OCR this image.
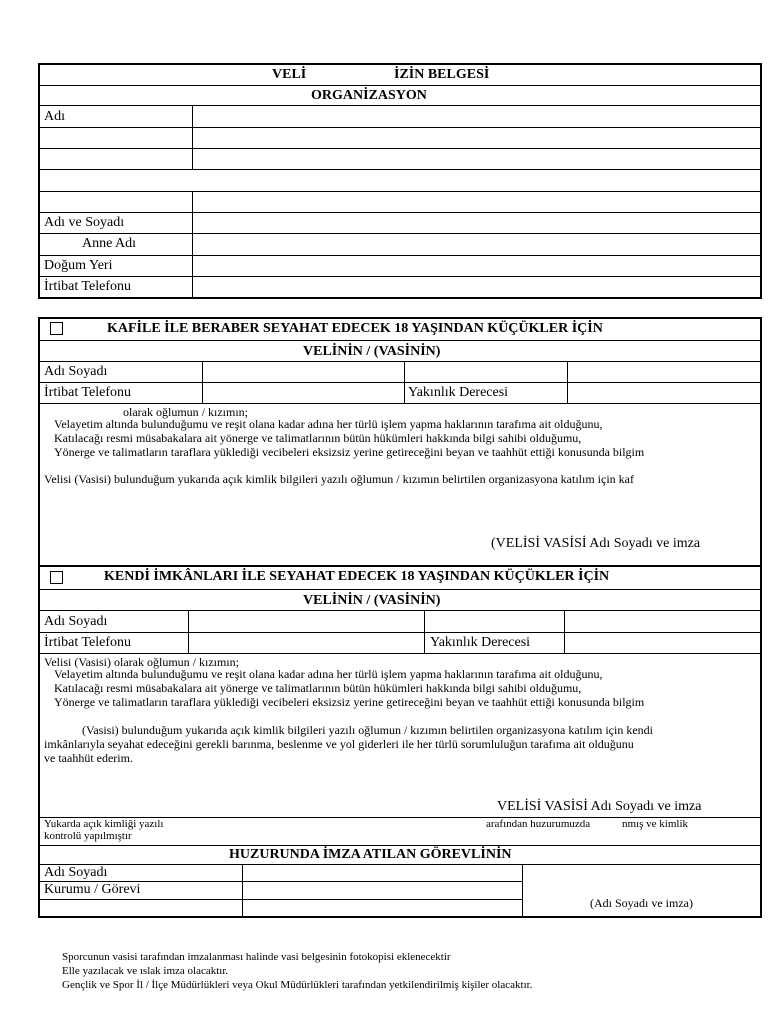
VELİ	İZİN BELGESİ
ORGANİZASYON
Adı
Adı ve Soyadı
Anne Adı
Doğum Yeri
İrtibat Telefonu
KAFİLE İLE BERABER SEYAHAT EDECEK 18 YAŞINDAN KÜÇÜKLER İÇİN
VELİNİN / (VASİNİN)
Adı Soyadı
İrtibat Telefonu	Yakınlık Derecesi
olarak oğlumun / kızımın;
Velayetim altında bulunduğumu ve reşit olana kadar adına her türlü işlem yapma haklarının tarafıma ait olduğunu,
Katılacağı resmi müsabakalara ait yönerge ve talimatlarının bütün hükümleri hakkında bilgi sahibi olduğumu,
Yönerge ve talimatların taraflara yüklediği vecibeleri eksizsiz yerine getireceğini beyan ve taahhüt ettiği konusunda bilgim
Velisi (Vasisi) bulunduğum yukarıda açık kimlik bilgileri yazılı oğlumun / kızımın belirtilen organizasyona katılım için kaf
(VELİSİ VASİSİ Adı Soyadı ve imza
KENDİ İMKÂNLARI İLE SEYAHAT EDECEK 18 YAŞINDAN KÜÇÜKLER İÇİN
VELİNİN / (VASİNİN)
Adı Soyadı
İrtibat Telefonu	Yakınlık Derecesi
Velisi (Vasisi) olarak oğlumun / kızımın;
Velayetim altında bulunduğumu ve reşit olana kadar adına her türlü işlem yapma haklarının tarafıma ait olduğunu,
Katılacağı resmi müsabakalara ait yönerge ve talimatlarının bütün hükümleri hakkında bilgi sahibi olduğumu,
Yönerge ve talimatların taraflara yüklediği vecibeleri eksizsiz yerine getireceğini beyan ve taahhüt ettiği konusunda bilgim
(Vasisi) bulunduğum yukarıda açık kimlik bilgileri yazılı oğlumun / kızımın belirtilen organizasyona katılım için kendi
imkânlarıyla seyahat edeceğini gerekli barınma, beslenme ve yol giderleri ile her türlü sorumluluğun tarafıma ait olduğunu
ve taahhüt ederim.
VELİSİ VASİSİ Adı Soyadı ve imza
Yukarda açık kimliği yazılı
kontrolü yapılmıştır
arafından huzurumuzda	nmış ve kimlik
HUZURUNDA İMZA ATILAN GÖREVLİNİN
Adı Soyadı
Kurumu / Görevi
(Adı Soyadı ve imza)
Sporcunun vasisi tarafından imzalanması halinde vasi belgesinin fotokopisi eklenecektir
Elle yazılacak ve ıslak imza olacaktır.
Gençlik ve Spor İl / İlçe Müdürlükleri veya Okul Müdürlükleri tarafından yetkilendirilmiş kişiler olacaktır.
